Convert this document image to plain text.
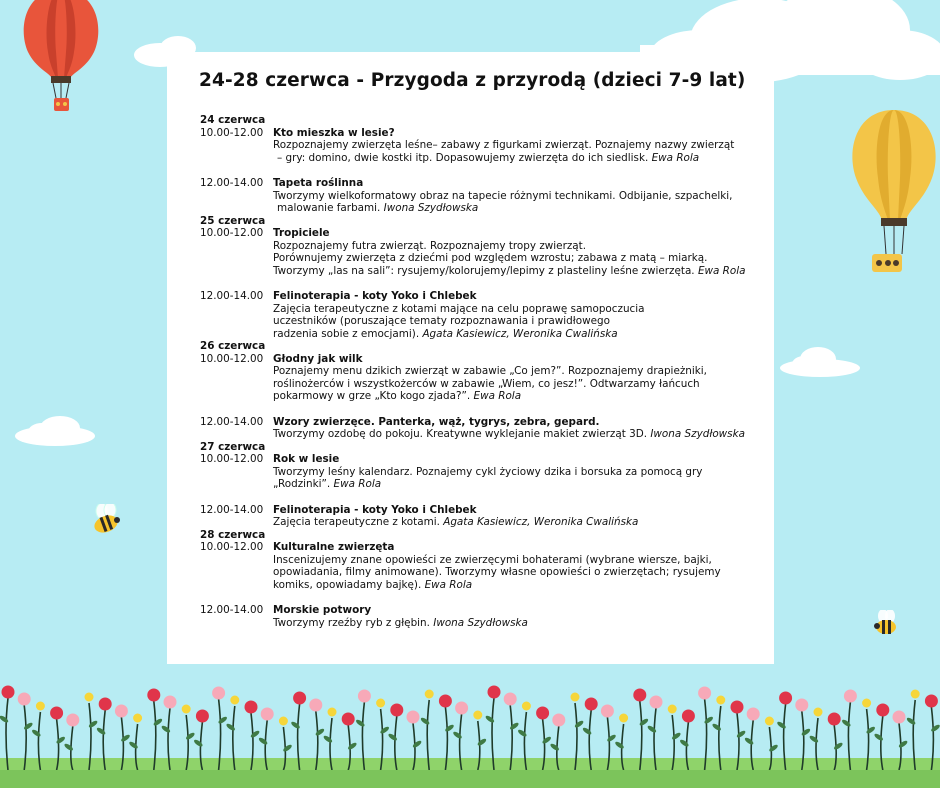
24-28 czerwca - Przygoda z przyrodą (dzieci 7-9 lat)
24 czerwca
10.00-12.00 Kto mieszka w lesie?
Rozpoznajemy zwierzęta leśne– zabawy z figurkami zwierząt. Poznajemy nazwy zwierząt
– gry: domino, dwie kostki itp. Dopasowujemy zwierzęta do ich siedlisk. Ewa Rola
12.00-14.00 Tapeta roślinna
Tworzymy wielkoformatowy obraz na tapecie różnymi technikami. Odbijanie, szpachelki,
malowanie farbami. Iwona Szydłowska
25 czerwca
10.00-12.00 Tropiciele
Rozpoznajemy futra zwierząt. Rozpoznajemy tropy zwierząt.
Porównujemy zwierzęta z dziećmi pod względem wzrostu; zabawa z matą – miarką.
Tworzymy „las na sali”: rysujemy/kolorujemy/lepimy z plasteliny leśne zwierzęta. Ewa Rola
12.00-14.00 Felinoterapia - koty Yoko i Chlebek
Zajęcia terapeutyczne z kotami mające na celu poprawę samopoczucia
uczestników (poruszające tematy rozpoznawania i prawidłowego
radzenia sobie z emocjami). Agata Kasiewicz, Weronika Cwalińska
26 czerwca
10.00-12.00 Głodny jak wilk
Poznajemy menu dzikich zwierząt w zabawie „Co jem?”. Rozpoznajemy drapieżniki,
roślinożerców i wszystkożerców w zabawie „Wiem, co jesz!”. Odtwarzamy łańcuch
pokarmowy w grze „Kto kogo zjada?”. Ewa Rola
12.00-14.00 Wzory zwierzęce. Panterka, wąż, tygrys, zebra, gepard.
Tworzymy ozdobę do pokoju. Kreatywne wyklejanie makiet zwierząt 3D. Iwona Szydłowska
27 czerwca
10.00-12.00 Rok w lesie
Tworzymy leśny kalendarz. Poznajemy cykl życiowy dzika i borsuka za pomocą gry
„Rodzinki”. Ewa Rola
12.00-14.00 Felinoterapia - koty Yoko i Chlebek
Zajęcia terapeutyczne z kotami. Agata Kasiewicz, Weronika Cwalińska
28 czerwca
10.00-12.00 Kulturalne zwierzęta
Inscenizujemy znane opowieści ze zwierzęcymi bohaterami (wybrane wiersze, bajki,
opowiadania, filmy animowane). Tworzymy własne opowieści o zwierzętach; rysujemy
komiks, opowiadamy bajkę). Ewa Rola
12.00-14.00 Morskie potwory
Tworzymy rzeźby ryb z głębin. Iwona Szydłowska
